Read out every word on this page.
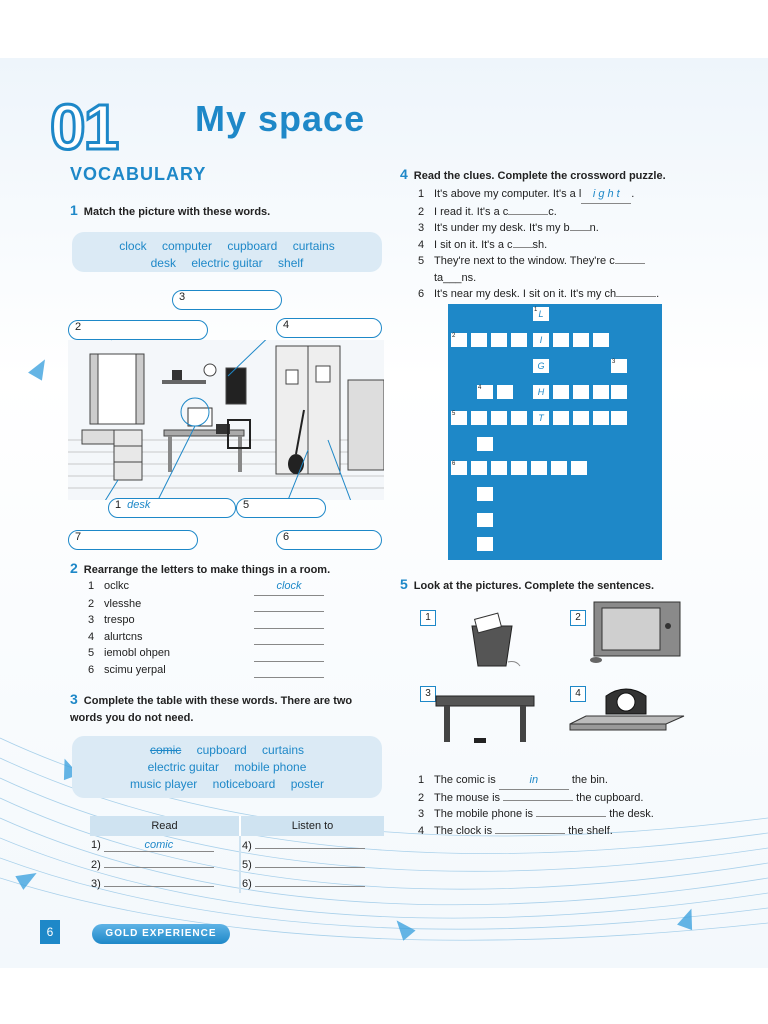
01 My space
VOCABULARY
1 Match the picture with these words.
clock computer cupboard curtains
desk electric guitar shelf
2
3
4
1 desk	5
7	6
2 Rearrange the letters to make things in a room.
1 oclkc	clock
2 vlesshe
3 trespo
4 alurtcns
5 iemobl ohpen
6 scimu yerpal
3 Complete the table with these words. There are two words you do not need.
comic cupboard curtains
electric guitar mobile phone
music player noticeboard poster
Read	Listen to
1) comic	4)
2)	5)
3)	6)
4 Read the clues. Complete the crossword puzzle.
1 It's above my computer. It's a l i g h t .
2 I read it. It's a c	c.
3 It's under my desk. It's my b n.
4 I sit on it. It's a c sh.
5 They're next to the window. They're cta___ns.
6 It's near my desk. I sit on it. It's my ch	.
1 L
I
G
H
T
2
3
4
5
6
5 Look at the pictures. Complete the sentences.
1	2
3	4
1 The comic is	in	the bin.
2 The mouse is	the cupboard.
3 The mobile phone is	the desk.
4 The clock is	the shelf.
6	GOLD EXPERIENCE
